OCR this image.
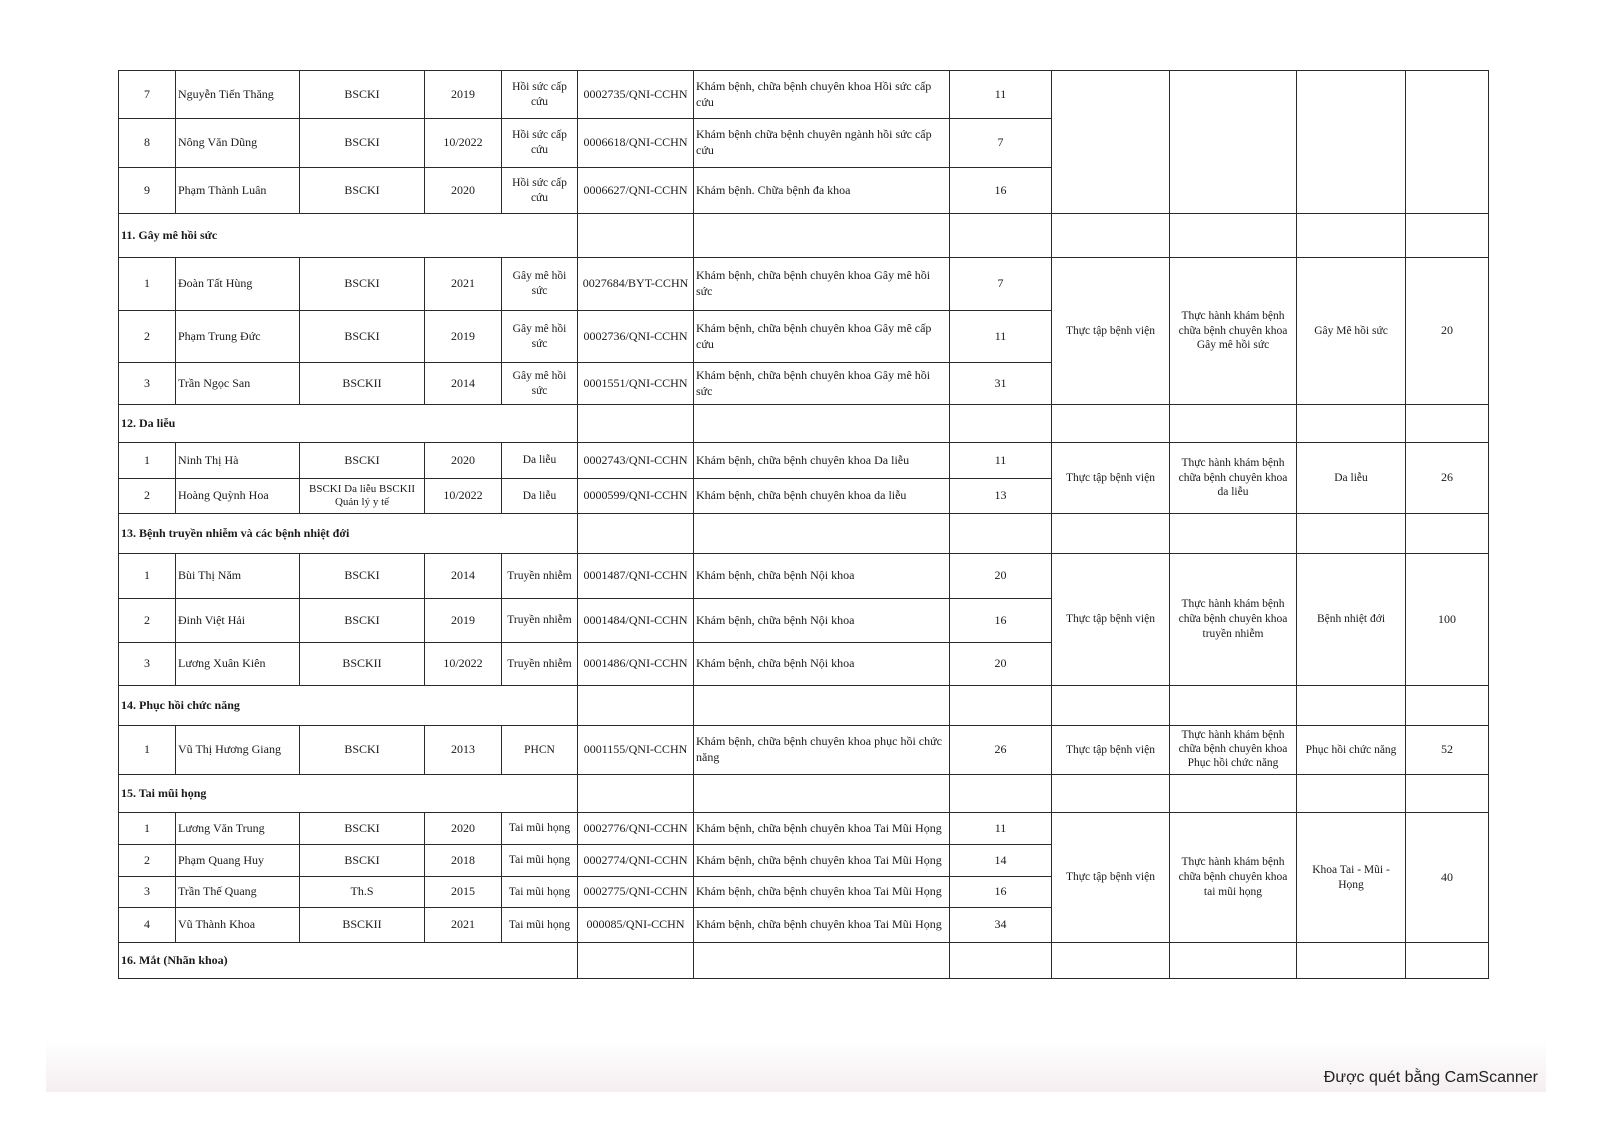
7	Nguyễn Tiến Thăng	BSCKI	2019	Hồi sức cấp cứu	0002735/QNI-CCHN	Khám bệnh, chữa bệnh chuyên khoa Hồi sức cấp cứu	11				
8	Nông Văn Dũng	BSCKI	10/2022	Hồi sức cấp cứu	0006618/QNI-CCHN	Khám bệnh chữa bệnh chuyên ngành hồi sức cấp cứu	7				
9	Phạm Thành Luân	BSCKI	2020	Hồi sức cấp cứu	0006627/QNI-CCHN	Khám bệnh. Chữa bệnh đa khoa	16				
11. Gây mê hồi sức											
1	Đoàn Tất Hùng	BSCKI	2021	Gây mê hồi sức	0027684/BYT-CCHN	Khám bệnh, chữa bệnh chuyên khoa Gây mê hồi sức	7	Thực tập bệnh viện	Thực hành khám bệnh chữa bệnh chuyên khoa Gây mê hồi sức	Gây Mê hồi sức	20
2	Phạm Trung Đức	BSCKI	2019	Gây mê hồi sức	0002736/QNI-CCHN	Khám bệnh, chữa bệnh chuyên khoa Gây mê cấp cứu	11				
3	Trần Ngọc San	BSCKII	2014	Gây mê hồi sức	0001551/QNI-CCHN	Khám bệnh, chữa bệnh chuyên khoa Gây mê hồi sức	31				
12. Da liễu											
1	Ninh Thị Hà	BSCKI	2020	Da liễu	0002743/QNI-CCHN	Khám bệnh, chữa bệnh chuyên khoa Da liễu	11	Thực tập bệnh viện	Thực hành khám bệnh chữa bệnh chuyên khoa da liễu	Da liễu	26
2	Hoàng Quỳnh Hoa	BSCKI Da liễu BSCKII Quản lý y tế	10/2022	Da liễu	0000599/QNI-CCHN	Khám bệnh, chữa bệnh chuyên khoa da liễu	13				
13. Bệnh truyền nhiễm và các bệnh nhiệt đới											
1	Bùi Thị Năm	BSCKI	2014	Truyền nhiễm	0001487/QNI-CCHN	Khám bệnh, chữa bệnh Nội khoa	20	Thực tập bệnh viện	Thực hành khám bệnh chữa bệnh chuyên khoa truyền nhiễm	Bệnh nhiệt đới	100
2	Đinh Việt Hải	BSCKI	2019	Truyền nhiễm	0001484/QNI-CCHN	Khám bệnh, chữa bệnh Nội khoa	16				
3	Lương Xuân Kiên	BSCKII	10/2022	Truyền nhiễm	0001486/QNI-CCHN	Khám bệnh, chữa bệnh Nội khoa	20				
14. Phục hồi chức năng											
1	Vũ Thị Hương Giang	BSCKI	2013	PHCN	0001155/QNI-CCHN	Khám bệnh, chữa bệnh chuyên khoa phục hồi chức năng	26	Thực tập bệnh viện	Thực hành khám bệnh chữa bệnh chuyên khoa Phục hồi chức năng	Phục hồi chức năng	52
15. Tai mũi họng											
1	Lương Văn Trung	BSCKI	2020	Tai mũi họng	0002776/QNI-CCHN	Khám bệnh, chữa bệnh chuyên khoa Tai Mũi Họng	11	Thực tập bệnh viện	Thực hành khám bệnh chữa bệnh chuyên khoa tai mũi họng	Khoa Tai - Mũi - Họng	40
2	Phạm Quang Huy	BSCKI	2018	Tai mũi họng	0002774/QNI-CCHN	Khám bệnh, chữa bệnh chuyên khoa Tai Mũi Họng	14				
3	Trần Thế Quang	Th.S	2015	Tai mũi họng	0002775/QNI-CCHN	Khám bệnh, chữa bệnh chuyên khoa Tai Mũi Họng	16				
4	Vũ Thành Khoa	BSCKII	2021	Tai mũi họng	000085/QNI-CCHN	Khám bệnh, chữa bệnh chuyên khoa Tai Mũi Họng	34				
16. Mắt (Nhãn khoa)											
Được quét bằng CamScanner
